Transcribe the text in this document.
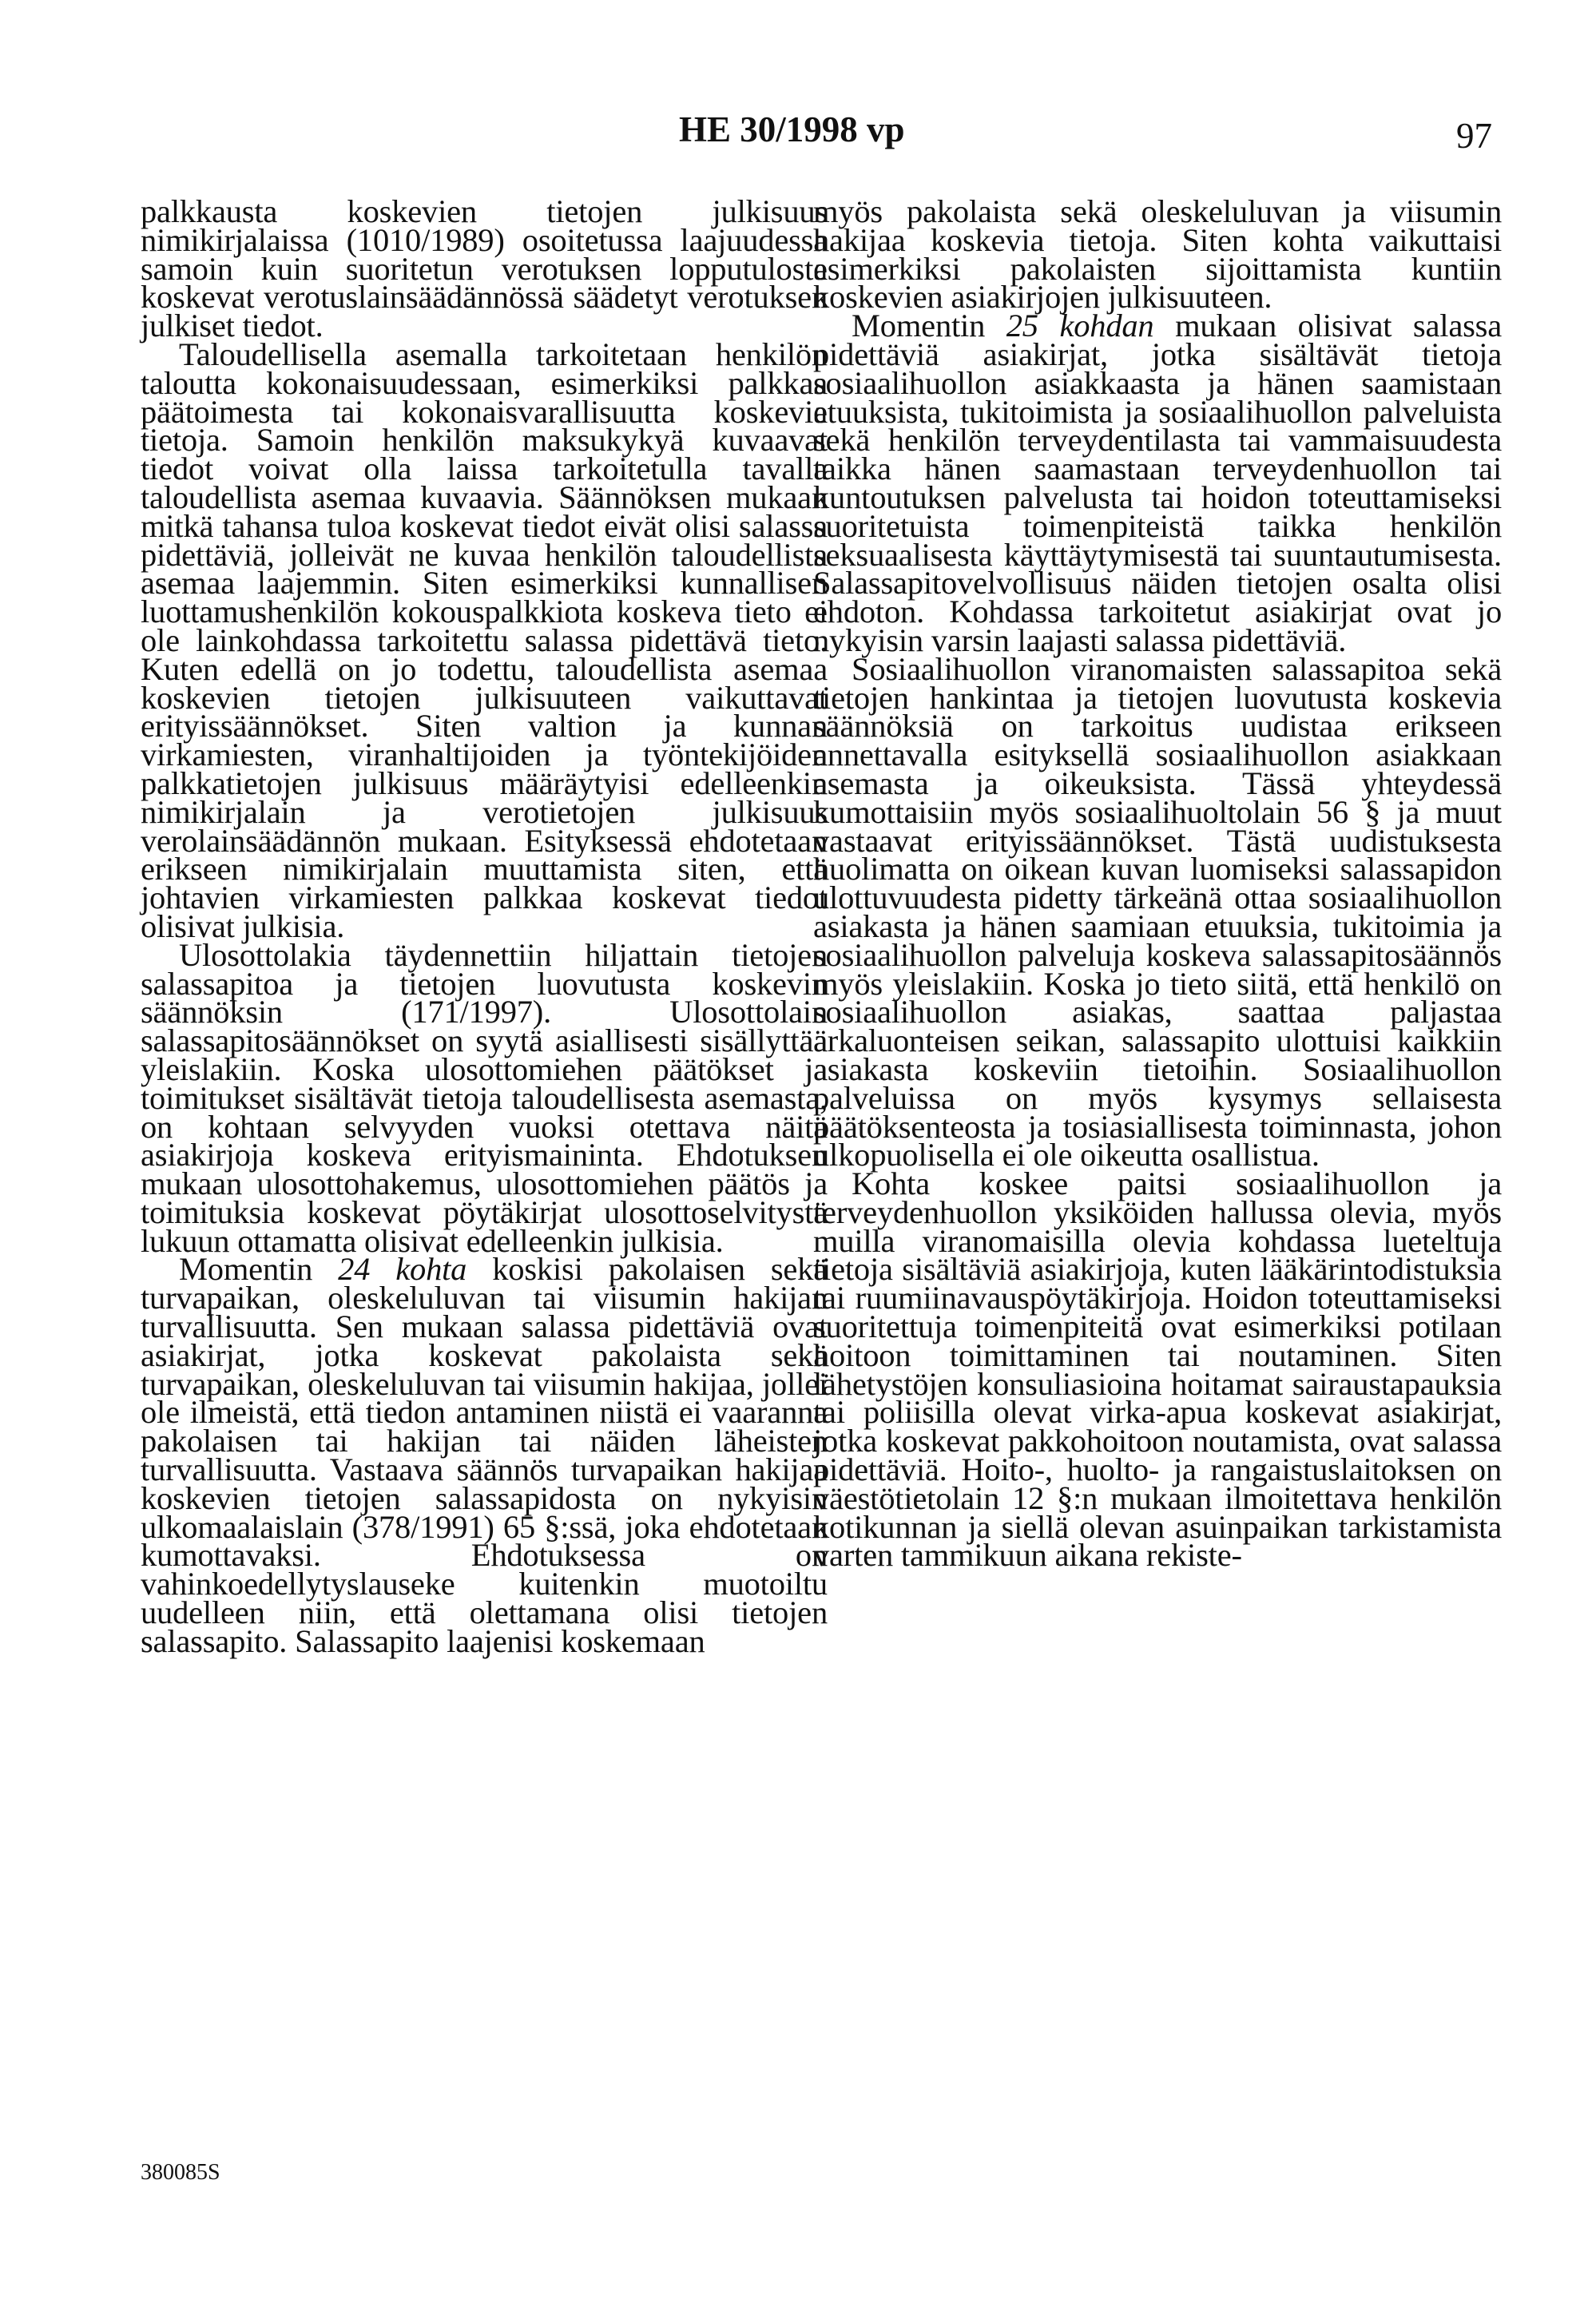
HE 30/1998 vp	97

palkkausta koskevien tietojen julkisuus nimikirjalaissa (1010/1989) osoitetussa laajuudessa samoin kuin suoritetun verotuksen lopputulosta koskevat verotuslainsäädännössä säädetyt verotuksen julkiset tiedot.

Taloudellisella asemalla tarkoitetaan henkilön taloutta kokonaisuudessaan, esimerkiksi palkkaa päätoimesta tai kokonaisvarallisuutta koskevia tietoja. Samoin henkilön maksukykyä kuvaavat tiedot voivat olla laissa tarkoitetulla tavalla taloudellista asemaa kuvaavia. Säännöksen mukaan mitkä tahansa tuloa koskevat tiedot eivät olisi salassa pidettäviä, jolleivät ne kuvaa henkilön taloudellista asemaa laajemmin. Siten esimerkiksi kunnallisen luottamushenkilön kokouspalkkiota koskeva tieto ei ole lainkohdassa tarkoitettu salassa pidettävä tieto. Kuten edellä on jo todettu, taloudellista asemaa koskevien tietojen julkisuuteen vaikuttavat erityissäännökset. Siten valtion ja kunnan virkamiesten, viranhaltijoiden ja työntekijöiden palkkatietojen julkisuus määräytyisi edelleenkin nimikirjalain ja verotietojen julkisuus verolainsäädännön mukaan. Esityksessä ehdotetaan erikseen nimikirjalain muuttamista siten, että johtavien virkamiesten palkkaa koskevat tiedot olisivat julkisia.

Ulosottolakia täydennettiin hiljattain tietojen salassapitoa ja tietojen luovutusta koskevin säännöksin (171/1997). Ulosottolain salassapitosäännökset on syytä asiallisesti sisällyttää yleislakiin. Koska ulosottomiehen päätökset ja toimitukset sisältävät tietoja taloudellisesta asemasta, on kohtaan selvyyden vuoksi otettava näitä asiakirjoja koskeva erityismaininta. Ehdotuksen mukaan ulosottohakemus, ulosottomiehen päätös ja toimituksia koskevat pöytäkirjat ulosottoselvitystä lukuun ottamatta olisivat edelleenkin julkisia.

Momentin 24 kohta koskisi pakolaisen sekä turvapaikan, oleskeluluvan tai viisumin hakijan turvallisuutta. Sen mukaan salassa pidettäviä ovat asiakirjat, jotka koskevat pakolaista sekä turvapaikan, oleskeluluvan tai viisumin hakijaa, jollei ole ilmeistä, että tiedon antaminen niistä ei vaaranna pakolaisen tai hakijan tai näiden läheisten turvallisuutta. Vastaava säännös turvapaikan hakijaa koskevien tietojen salassapidosta on nykyisin ulkomaalaislain (378/1991) 65 §:ssä, joka ehdotetaan kumottavaksi. Ehdotuksessa on vahinkoedellytyslauseke kuitenkin muotoiltu uudelleen niin, että olettamana olisi tietojen salassapito. Salassapito laajenisi koskemaan

myös pakolaista sekä oleskeluluvan ja viisumin hakijaa koskevia tietoja. Siten kohta vaikuttaisi esimerkiksi pakolaisten sijoittamista kuntiin koskevien asiakirjojen julkisuuteen.

Momentin 25 kohdan mukaan olisivat salassa pidettäviä asiakirjat, jotka sisältävät tietoja sosiaalihuollon asiakkaasta ja hänen saamistaan etuuksista, tukitoimista ja sosiaalihuollon palveluista sekä henkilön terveydentilasta tai vammaisuudesta taikka hänen saamastaan terveydenhuollon tai kuntoutuksen palvelusta tai hoidon toteuttamiseksi suoritetuista toimenpiteistä taikka henkilön seksuaalisesta käyttäytymisestä tai suuntautumisesta. Salassapitovelvollisuus näiden tietojen osalta olisi ehdoton. Kohdassa tarkoitetut asiakirjat ovat jo nykyisin varsin laajasti salassa pidettäviä.

Sosiaalihuollon viranomaisten salassapitoa sekä tietojen hankintaa ja tietojen luovutusta koskevia säännöksiä on tarkoitus uudistaa erikseen annettavalla esityksellä sosiaalihuollon asiakkaan asemasta ja oikeuksista. Tässä yhteydessä kumottaisiin myös sosiaalihuoltolain 56 § ja muut vastaavat erityissäännökset. Tästä uudistuksesta huolimatta on oikean kuvan luomiseksi salassapidon ulottuvuudesta pidetty tärkeänä ottaa sosiaalihuollon asiakasta ja hänen saamiaan etuuksia, tukitoimia ja sosiaalihuollon palveluja koskeva salassapitosäännös myös yleislakiin. Koska jo tieto siitä, että henkilö on sosiaalihuollon asiakas, saattaa paljastaa arkaluonteisen seikan, salassapito ulottuisi kaikkiin asiakasta koskeviin tietoihin. Sosiaalihuollon palveluissa on myös kysymys sellaisesta päätöksenteosta ja tosiasiallisesta toiminnasta, johon ulkopuolisella ei ole oikeutta osallistua.

Kohta koskee paitsi sosiaalihuollon ja terveydenhuollon yksiköiden hallussa olevia, myös muilla viranomaisilla olevia kohdassa lueteltuja tietoja sisältäviä asiakirjoja, kuten lääkärintodistuksia tai ruumiinavauspöytäkirjoja. Hoidon toteuttamiseksi suoritettuja toimenpiteitä ovat esimerkiksi potilaan hoitoon toimittaminen tai noutaminen. Siten lähetystöjen konsuliasioina hoitamat sairaustapauksia tai poliisilla olevat virka-apua koskevat asiakirjat, jotka koskevat pakkohoitoon noutamista, ovat salassa pidettäviä. Hoito-, huolto- ja rangaistuslaitoksen on väestötietolain 12 §:n mukaan ilmoitettava henkilön kotikunnan ja siellä olevan asuinpaikan tarkistamista varten tammikuun aikana rekiste-

380085S
